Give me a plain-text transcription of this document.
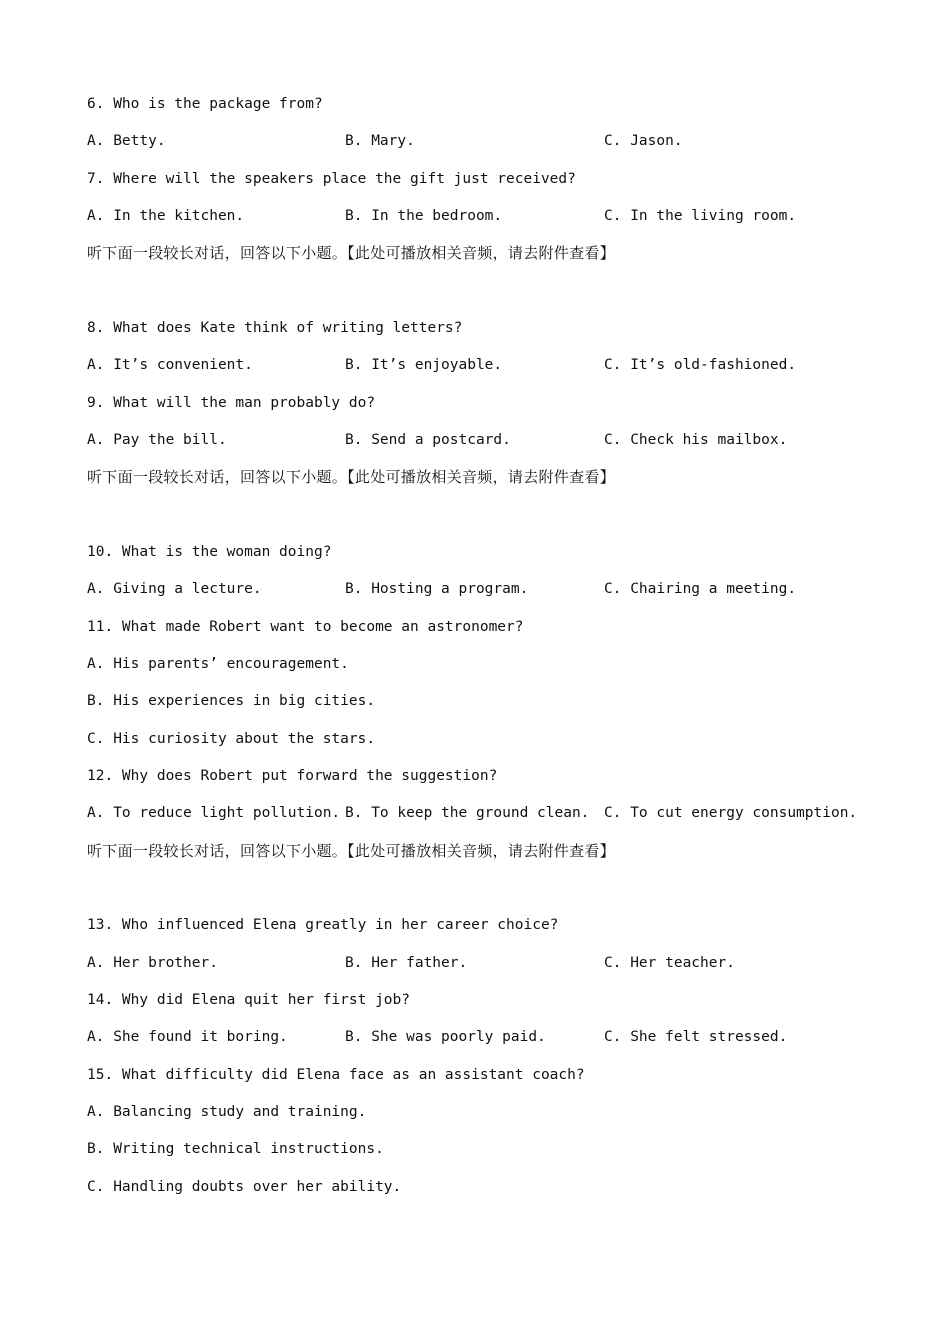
6. Who is the package from?
A. Betty.	B. Mary.	C. Jason.
7. Where will the speakers place the gift just received?
A. In the kitchen.	B. In the bedroom.	C. In the living room.
听下面一段较长对话，回答以下小题。【此处可播放相关音频，请去附件查看】
8. What does Kate think of writing letters?
A. It’s convenient.	B. It’s enjoyable.	C. It’s old-fashioned.
9. What will the man probably do?
A. Pay the bill.	B. Send a postcard.	C. Check his mailbox.
听下面一段较长对话，回答以下小题。【此处可播放相关音频，请去附件查看】
10. What is the woman doing?
A. Giving a lecture.	B. Hosting a program.	C. Chairing a meeting.
11. What made Robert want to become an astronomer?
A. His parents’ encouragement.
B. His experiences in big cities.
C. His curiosity about the stars.
12. Why does Robert put forward the suggestion?
A. To reduce light pollution. B. To keep the ground clean. C. To cut energy consumption.
听下面一段较长对话，回答以下小题。【此处可播放相关音频，请去附件查看】
13. Who influenced Elena greatly in her career choice?
A. Her brother.	B. Her father.	C. Her teacher.
14. Why did Elena quit her first job?
A. She found it boring.	B. She was poorly paid.	C. She felt stressed.
15. What difficulty did Elena face as an assistant coach?
A. Balancing study and training.
B. Writing technical instructions.
C. Handling doubts over her ability.
